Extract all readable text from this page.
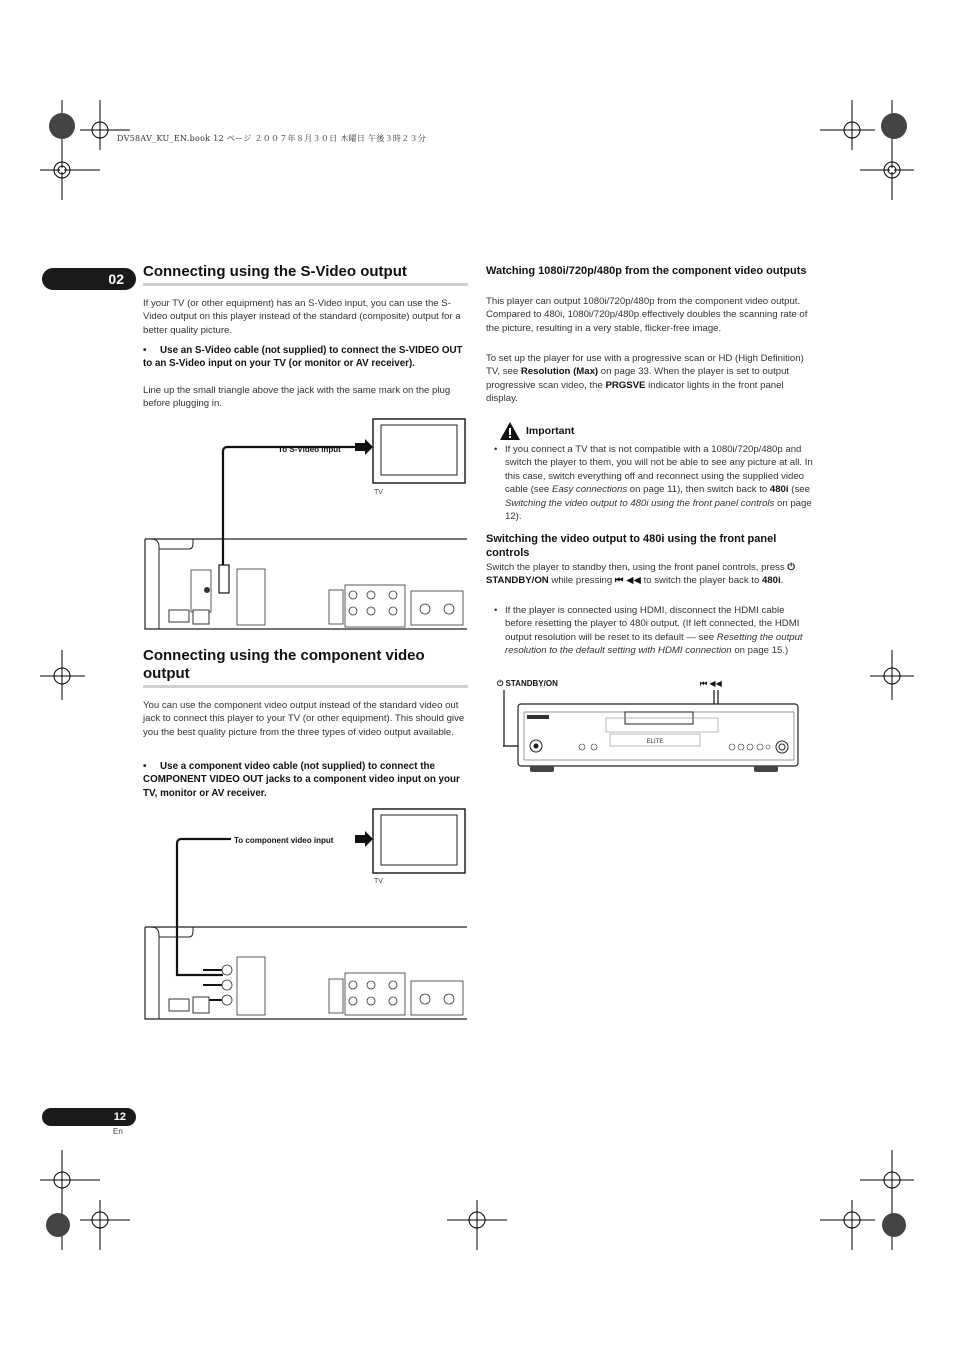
DV58AV_KU_EN.book 12 ページ ２００７年８月３０日 木曜日 午後３時２３分
02	Connecting using the S-Video output

If your TV (or other equipment) has an S-Video input, you can use the S-Video output on this player instead of the standard (composite) output for a better quality picture.

•     Use an S-Video cable (not supplied) to connect the S-VIDEO OUT to an S-Video input on your TV (or monitor or AV receiver).

Line up the small triangle above the jack with the same mark on the plug before plugging in.

To S-Video input
TV
Connecting using the component video output

You can use the component video output instead of the standard video out jack to connect this player to your TV (or other equipment). This should give you the best quality picture from the three types of video output available.

•     Use a component video cable (not supplied) to connect the COMPONENT VIDEO OUT jacks to a component video input on your TV, monitor or AV receiver.

To component video input
TV
Watching 1080i/720p/480p from the component video outputs

This player can output 1080i/720p/480p from the component video output. Compared to 480i, 1080i/720p/480p effectively doubles the scanning rate of the picture, resulting in a very stable, flicker-free image.

To set up the player for use with a progressive scan or HD (High Definition) TV, see Resolution (Max) on page 33. When the player is set to output progressive scan video, the PRGSVE indicator lights in the front panel display.

Important
• If you connect a TV that is not compatible with a 1080i/720p/480p and switch the player to them, you will not be able to see any picture at all. In this case, switch everything off and reconnect using the supplied video cable (see Easy connections on page 11), then switch back to 480i (see Switching the video output to 480i using the front panel controls on page 12).

Switching the video output to 480i using the front panel controls

Switch the player to standby then, using the front panel controls, press ⏻ STANDBY/ON while pressing ⏮ ◀◀ to switch the player back to 480i.

• If the player is connected using HDMI, disconnect the HDMI cable before resetting the player to 480i output. (If left connected, the HDMI output resolution will be reset to its default — see Resetting the output resolution to the default setting with HDMI connection on page 15.)

⏻ STANDBY/ON	⏮ ◀◀
ELITE
12
En
